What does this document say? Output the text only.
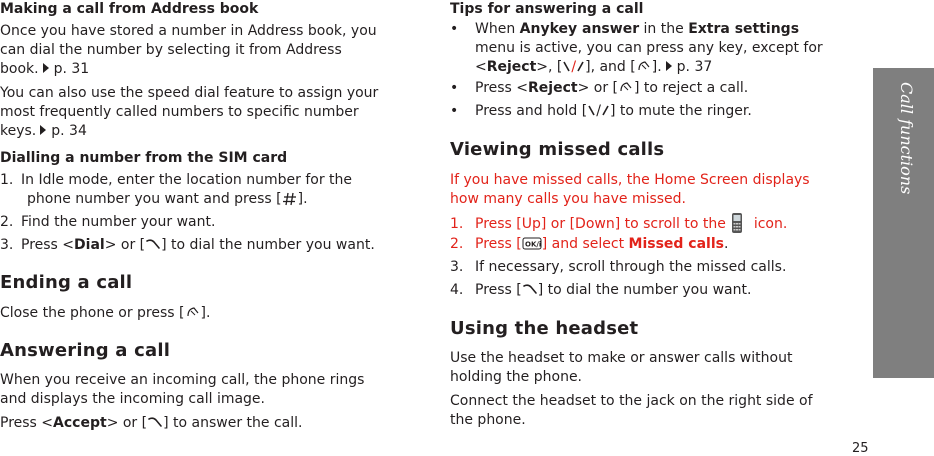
Making a call from Address book
Once you have stored a number in Address book, you
can dial the number by selecting it from Address
book. p. 31
You can also use the speed dial feature to assign your
most frequently called numbers to specific number
keys. p. 34
Dialling a number from the SIM card
1. In Idle mode, enter the location number for the
phone number you want and press [ ].
2. Find the number your want.
3. Press <Dial> or [ ] to dial the number you want.
Ending a call
Close the phone or press [ ].
Answering a call
When you receive an incoming call, the phone rings
and displays the incoming call image.
Press <Accept> or [ ] to answer the call.
Tips for answering a call
• When Anykey answer in the Extra settings
menu is active, you can press any key, except for
<Reject>, [ / ], and [ ]. p. 37
• Press <Reject> or [ ] to reject a call.
• Press and hold [ / ] to mute the ringer.
Viewing missed calls
If you have missed calls, the Home Screen displays
how many calls you have missed.
1. Press [Up] or [Down] to scroll to the icon.
2. Press [ OK/i ] and select Missed calls.
3. If necessary, scroll through the missed calls.
4. Press [ ] to dial the number you want.
Using the headset
Use the headset to make or answer calls without
holding the phone.
Connect the headset to the jack on the right side of
the phone.
Call functions
25
